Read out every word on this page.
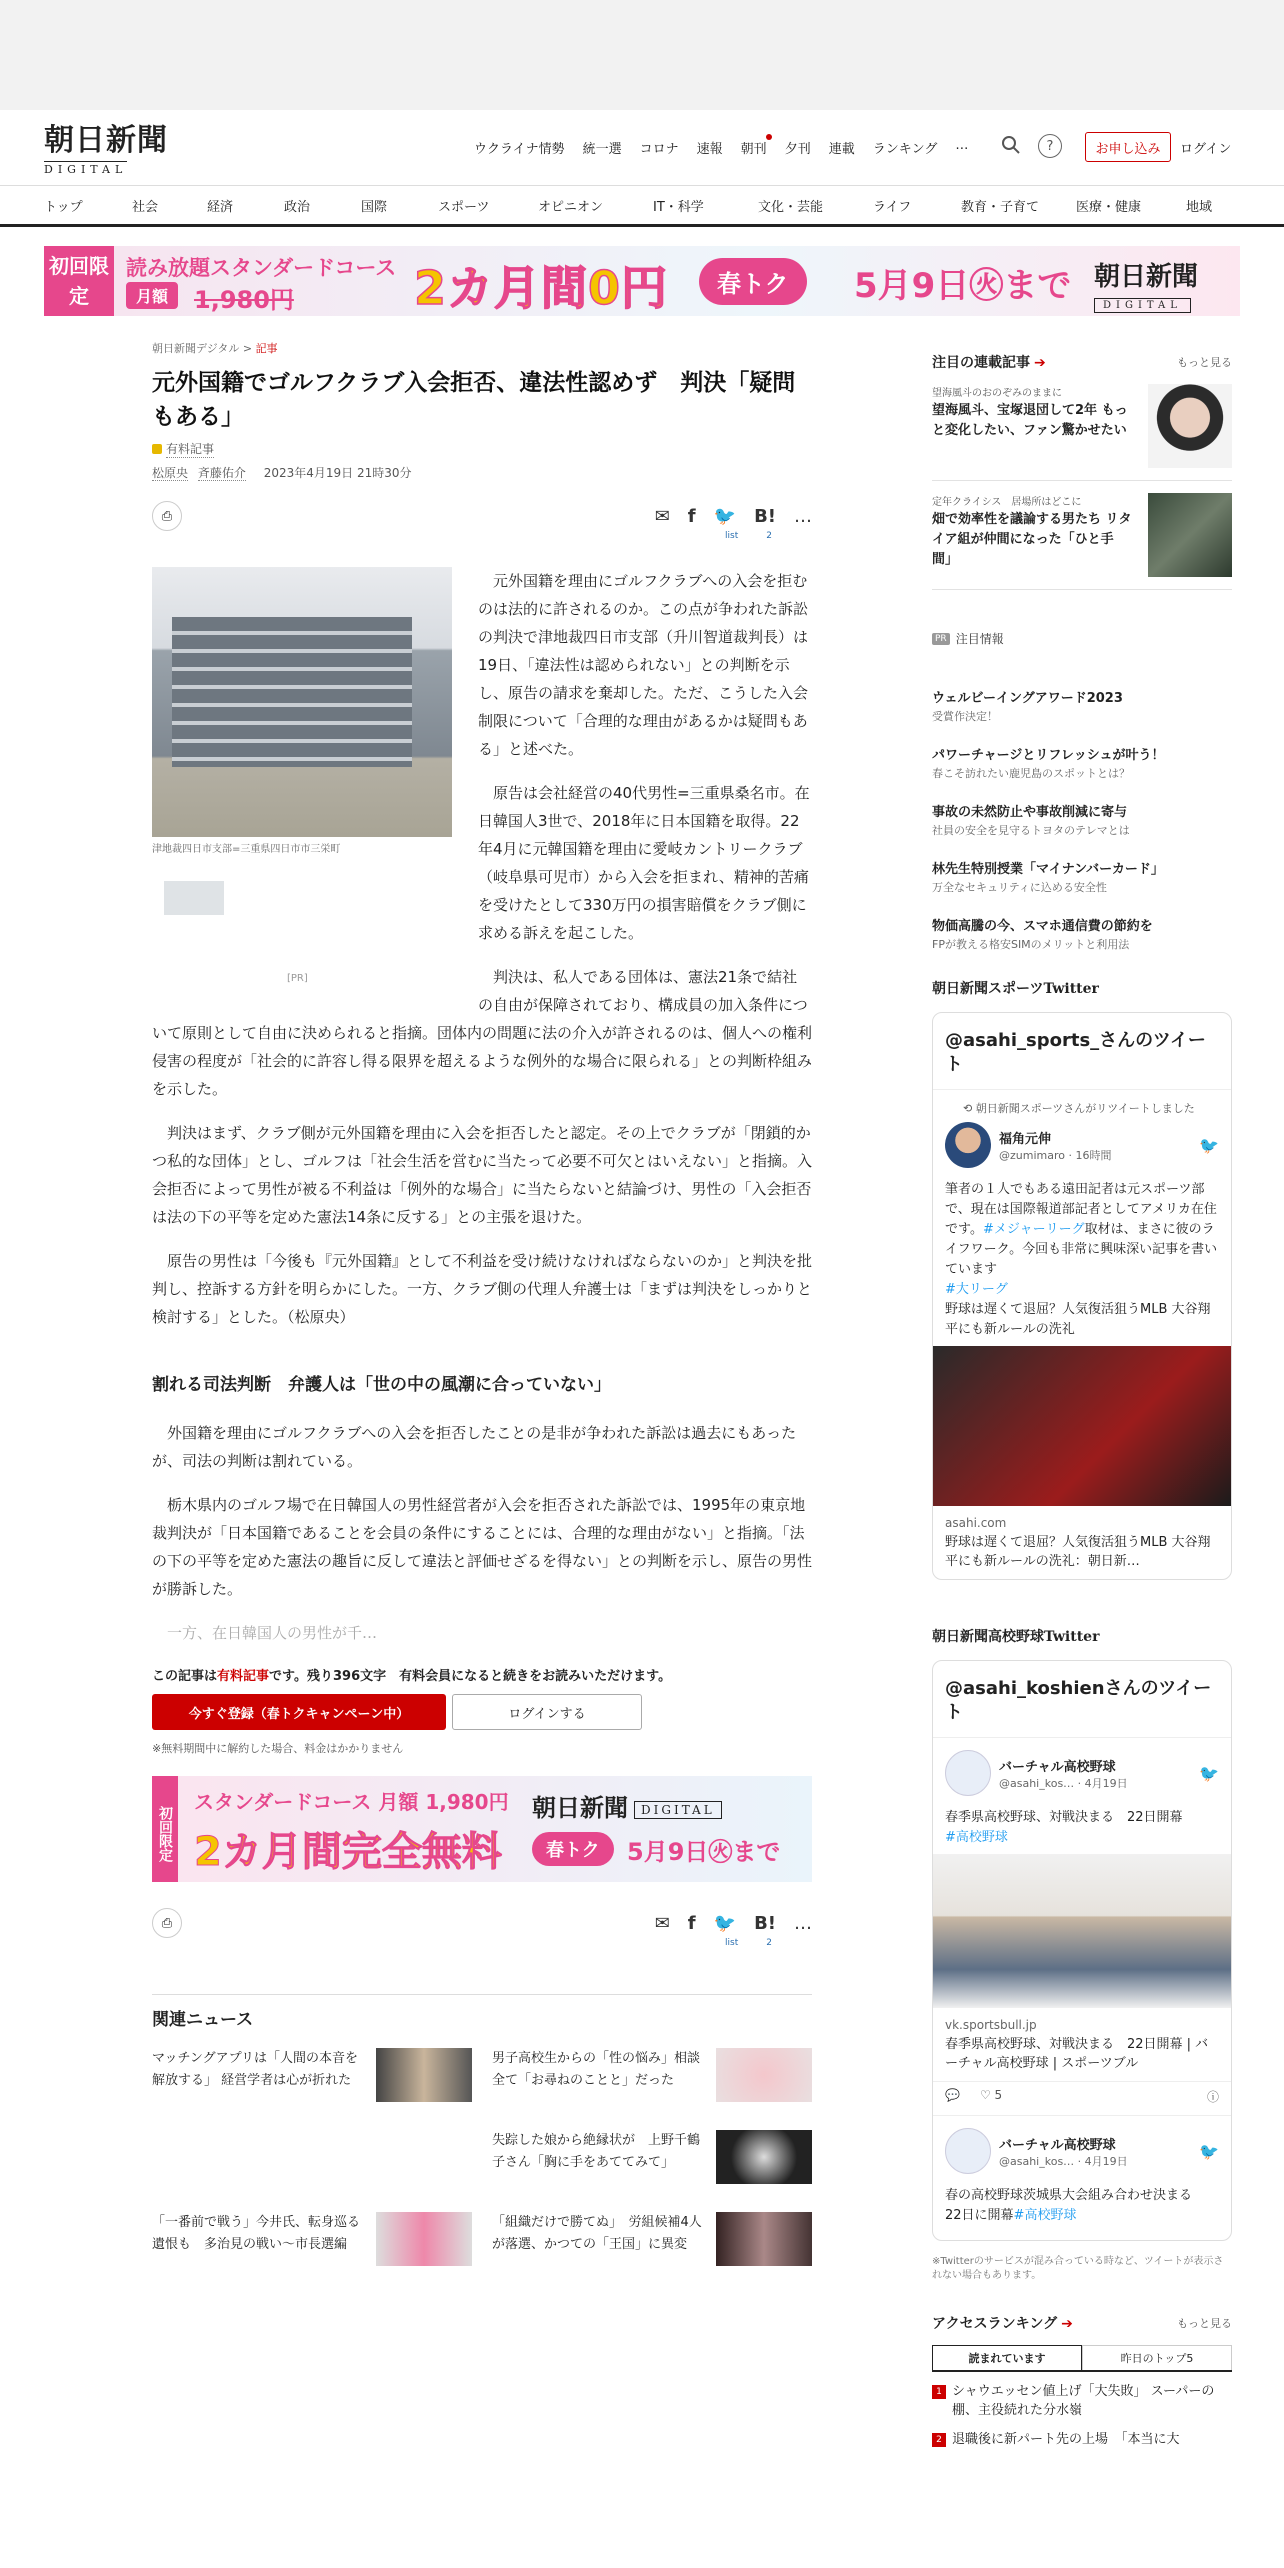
朝日新聞
DIGITAL
ウクライナ情勢 統一選 コロナ 速報 朝刊 夕刊 連載 ランキング …	?	お申し込み	ログイン
トップ	社会	経済	政治	国際	スポーツ	オピニオン	IT・科学	文化・芸能	ライフ	教育・子育て	医療・健康	地域
初回限定
読み放題スタンダードコース
月額	1,980円	2カ月間0円	春トク	5月9日㊋まで 朝日新聞
DIGITAL
朝日新聞デジタル > 記事
元外国籍でゴルフクラブ入会拒否、違法性認めず　判決「疑問もある」
有料記事
松原央 斉藤佑介 2023年4月19日 21時30分
⎙	✉ f 🐦 B! …
list	2
津地裁四日市支部=三重県四日市市三栄町
[PR]

元外国籍を理由にゴルフクラブへの入会を拒むのは法的に許されるのか。この点が争われた訴訟の判決で津地裁四日市支部（升川智道裁判長）は19日、「違法性は認められない」との判断を示し、原告の請求を棄却した。ただ、こうした入会制限について「合理的な理由があるかは疑問もある」と述べた。

原告は会社経営の40代男性=三重県桑名市。在日韓国人3世で、2018年に日本国籍を取得。22年4月に元韓国籍を理由に愛岐カントリークラブ（岐阜県可児市）から入会を拒まれ、精神的苦痛を受けたとして330万円の損害賠償をクラブ側に求める訴えを起こした。

判決は、私人である団体は、憲法21条で結社の自由が保障されており、構成員の加入条件について原則として自由に決められると指摘。団体内の問題に法の介入が許されるのは、個人への権利侵害の程度が「社会的に許容し得る限界を超えるような例外的な場合に限られる」との判断枠組みを示した。

判決はまず、クラブ側が元外国籍を理由に入会を拒否したと認定。その上でクラブが「閉鎖的かつ私的な団体」とし、ゴルフは「社会生活を営むに当たって必要不可欠とはいえない」と指摘。入会拒否によって男性が被る不利益は「例外的な場合」に当たらないと結論づけ、男性の「入会拒否は法の下の平等を定めた憲法14条に反する」との主張を退けた。

原告の男性は「今後も『元外国籍』として不利益を受け続けなければならないのか」と判決を批判し、控訴する方針を明らかにした。一方、クラブ側の代理人弁護士は「まずは判決をしっかりと検討する」とした。（松原央）

割れる司法判断　弁護人は「世の中の風潮に合っていない」

外国籍を理由にゴルフクラブへの入会を拒否したことの是非が争われた訴訟は過去にもあったが、司法の判断は割れている。

栃木県内のゴルフ場で在日韓国人の男性経営者が入会を拒否された訴訟では、1995年の東京地裁判決が「日本国籍であることを会員の条件にすることには、合理的な理由がない」と指摘。「法の下の平等を定めた憲法の趣旨に反して違法と評価せざるを得ない」との判断を示し、原告の男性が勝訴した。

一方、在日韓国人の男性が千…

この記事は有料記事です。残り396文字　有料会員になると続きをお読みいただけます。
今すぐ登録（春トクキャンペーン中）	ログインする
※無料期間中に解約した場合、料金はかかりません
初回限定
スタンダードコース 月額 1,980円
2カ月間完全無料
朝日新聞 DIGITAL
春トク	5月9日㊋まで
⎙	✉ f 🐦 B! …
list	2
関連ニュース
マッチングアプリは「人間の本音を解放する」 経営学者は心が折れた
男子高校生からの「性の悩み」相談　全て「お尋ねのことと」だった
失踪した娘から絶縁状が　上野千鶴子さん「胸に手をあててみて」
「一番前で戦う」今井氏、転身巡る遺恨も　多治見の戦い～市長選編
「組織だけで勝てぬ」　労組候補4人が落選、かつての「王国」に異変
注目の連載記事 ➔	もっと見る
望海風斗のおのぞみのままに
望海風斗、宝塚退団して2年 もっと変化したい、ファン驚かせたい
定年クライシス　居場所はどこに
畑で効率性を議論する男たち リタイア組が仲間になった「ひと手間」
PR 注目情報
ウェルビーイングアワード2023
受賞作決定！
パワーチャージとリフレッシュが叶う！
春こそ訪れたい鹿児島のスポットとは？
事故の未然防止や事故削減に寄与
社員の安全を見守るトヨタのテレマとは
林先生特別授業「マイナンバーカード」
万全なセキュリティに込める安全性
物価高騰の今、スマホ通信費の節約を
FPが教える格安SIMのメリットと利用法
朝日新聞スポーツTwitter
@asahi_sports_さんのツイート
⟲ 朝日新聞スポーツさんがリツイートしました
福角元伸
@zumimaro · 16時間
🐦
筆者の１人でもある遠田記者は元スポーツ部で、現在は国際報道部記者としてアメリカ在住です。#メジャーリーグ取材は、まさに彼のライフワーク。今回も非常に興味深い記事を書いています
#大リーグ
野球は遅くて退屈？人気復活狙うMLB 大谷翔平にも新ルールの洗礼
asahi.com
野球は遅くて退屈？人気復活狙うMLB 大谷翔平にも新ルールの洗礼：朝日新…
朝日新聞高校野球Twitter
@asahi_koshienさんのツイート
バーチャル高校野球
@asahi_kos… · 4月19日
🐦
春季県高校野球、対戦決まる　22日開幕
#高校野球
vk.sportsbull.jp
春季県高校野球、対戦決まる　22日開幕 | バーチャル高校野球 | スポーツブル
💬 ♡ 5	ⓘ
バーチャル高校野球
@asahi_kos… · 4月19日
🐦
春の高校野球茨城県大会組み合わせ決まる　22日に開幕#高校野球
※Twitterのサービスが混み合っている時など、ツイートが表示されない場合もあります。
アクセスランキング ➔	もっと見る
読まれています	昨日のトップ5
1 シャウエッセン値上げ「大失敗」 スーパーの棚、主役続れた分水嶺
2 退職後に新パート先の上場　「本当に大
